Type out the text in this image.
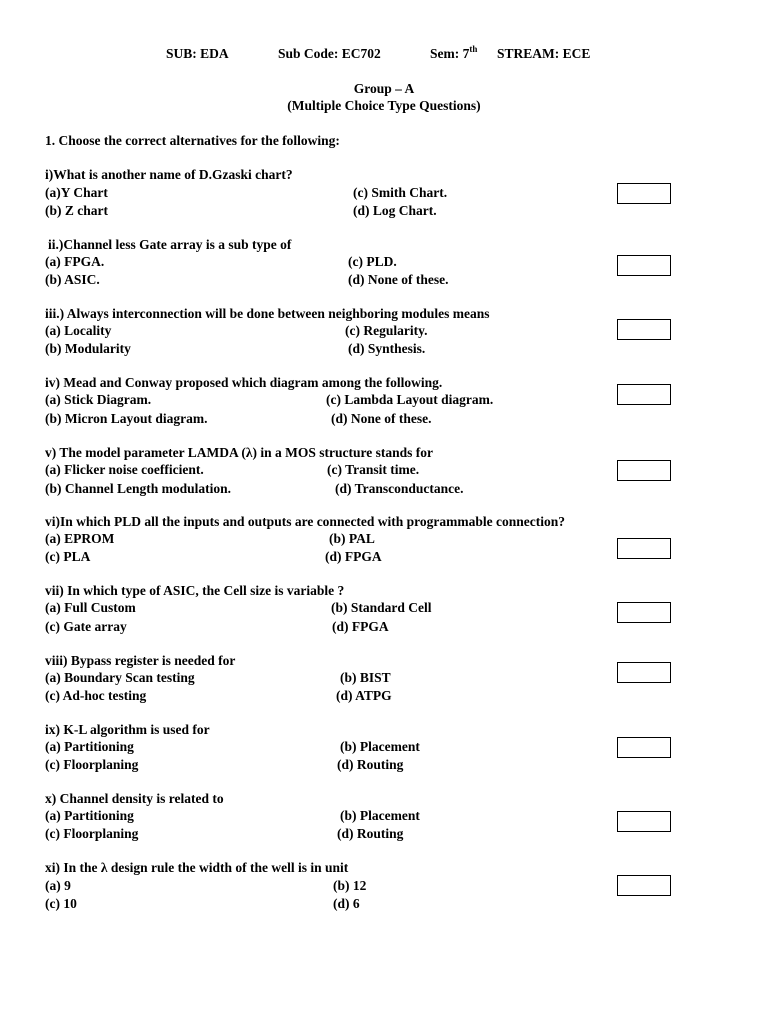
SUB: EDA	Sub Code: EC702	Sem: 7th STREAM: ECE
Group – A
(Multiple Choice Type Questions)
1. Choose the correct alternatives for the following:
i)What is another name of D.Gzaski chart?
(a)Y Chart	(c) Smith Chart.
(b) Z chart	(d) Log Chart.
ii.)Channel less Gate array is a sub type of
(a) FPGA.	(c) PLD.
(b) ASIC.	(d) None of these.
iii.) Always interconnection will be done between neighboring modules means
(a) Locality	(c) Regularity.
(b) Modularity	(d) Synthesis.
iv) Mead and Conway proposed which diagram among the following.
(a) Stick Diagram.	(c) Lambda Layout diagram.
(b) Micron Layout diagram.	(d) None of these.
v) The model parameter LAMDA (λ) in a MOS structure stands for
(a) Flicker noise coefficient.	(c) Transit time.
(b) Channel Length modulation.	(d) Transconductance.
vi)In which PLD all the inputs and outputs are connected with programmable connection?
(a) EPROM	(b) PAL
(c) PLA	(d) FPGA
vii) In which type of ASIC, the Cell size is variable ?
(a) Full Custom	(b) Standard Cell
(c) Gate array	(d) FPGA
viii) Bypass register is needed for
(a) Boundary Scan testing	(b) BIST
(c) Ad-hoc testing	(d) ATPG
ix) K-L algorithm is used for
(a) Partitioning	(b) Placement
(c) Floorplaning	(d) Routing
x) Channel density is related to
(a) Partitioning	(b) Placement
(c) Floorplaning	(d) Routing
xi) In the λ design rule the width of the well is in unit
(a) 9	(b) 12
(c) 10	(d) 6
